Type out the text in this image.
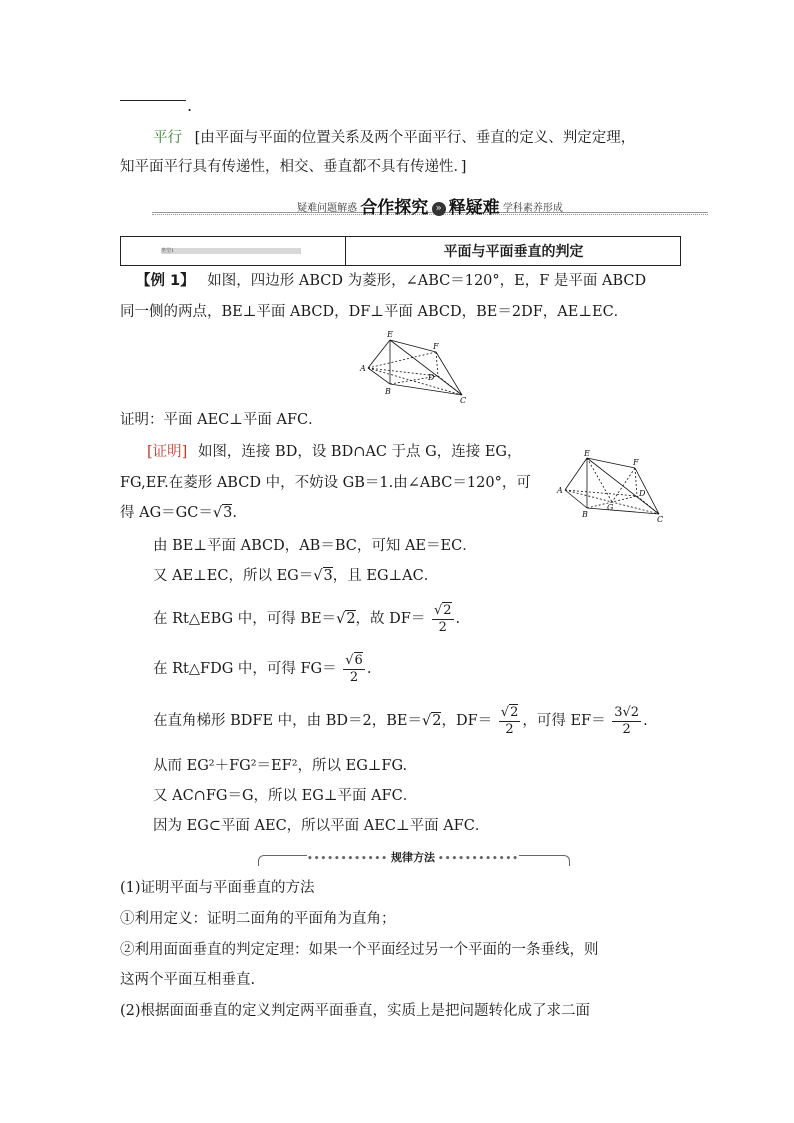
.
平行 [由平面与平面的位置关系及两个平面平行、垂直的定义、判定定理，
知平面平行具有传递性，相交、垂直都不具有传递性．]
疑难问题解惑 合作探究 » 释疑难 学科素养形成
类型1	平面与平面垂直的判定
【例 1】 如图，四边形 ABCD 为菱形，∠ABC＝120°，E，F 是平面 ABCD
同一侧的两点，BE⊥平面 ABCD，DF⊥平面 ABCD，BE＝2DF，AE⊥EC．
A
B
C
D
E
F
证明：平面 AEC⊥平面 AFC．
[证明] 如图，连接 BD，设 BD∩AC 于点 G，连接 EG，
FG,EF.在菱形 ABCD 中，不妨设 GB＝1.由∠ABC＝120°，可
得 AG＝GC＝√3.
A
B
C
D
E
F
G
由 BE⊥平面 ABCD，AB＝BC，可知 AE＝EC．
又 AE⊥EC，所以 EG＝√3，且 EG⊥AC．
在 Rt△EBG 中，可得 BE＝√2，故 $DF= \frac{√2}{2}$ .
在 Rt△FDG 中，可得 $FG= \frac{√6}{2}$ .
在直角梯形 BDFE 中，由 BD＝2，BE＝√2，$DF= \frac{√2}{2}$ ，可得 $EF= \frac{3√2}{2}$ .
从而 EG²＋FG²＝EF²，所以 EG⊥FG.
又 AC∩FG＝G，所以 EG⊥平面 AFC．
因为 EG⊂平面 AEC，所以平面 AEC⊥平面 AFC．
•••••••••••• 规律方法 ••••••••••••
(1)证明平面与平面垂直的方法
①利用定义：证明二面角的平面角为直角；
②利用面面垂直的判定定理：如果一个平面经过另一个平面的一条垂线，则
这两个平面互相垂直.
(2)根据面面垂直的定义判定两平面垂直，实质上是把问题转化成了求二面
